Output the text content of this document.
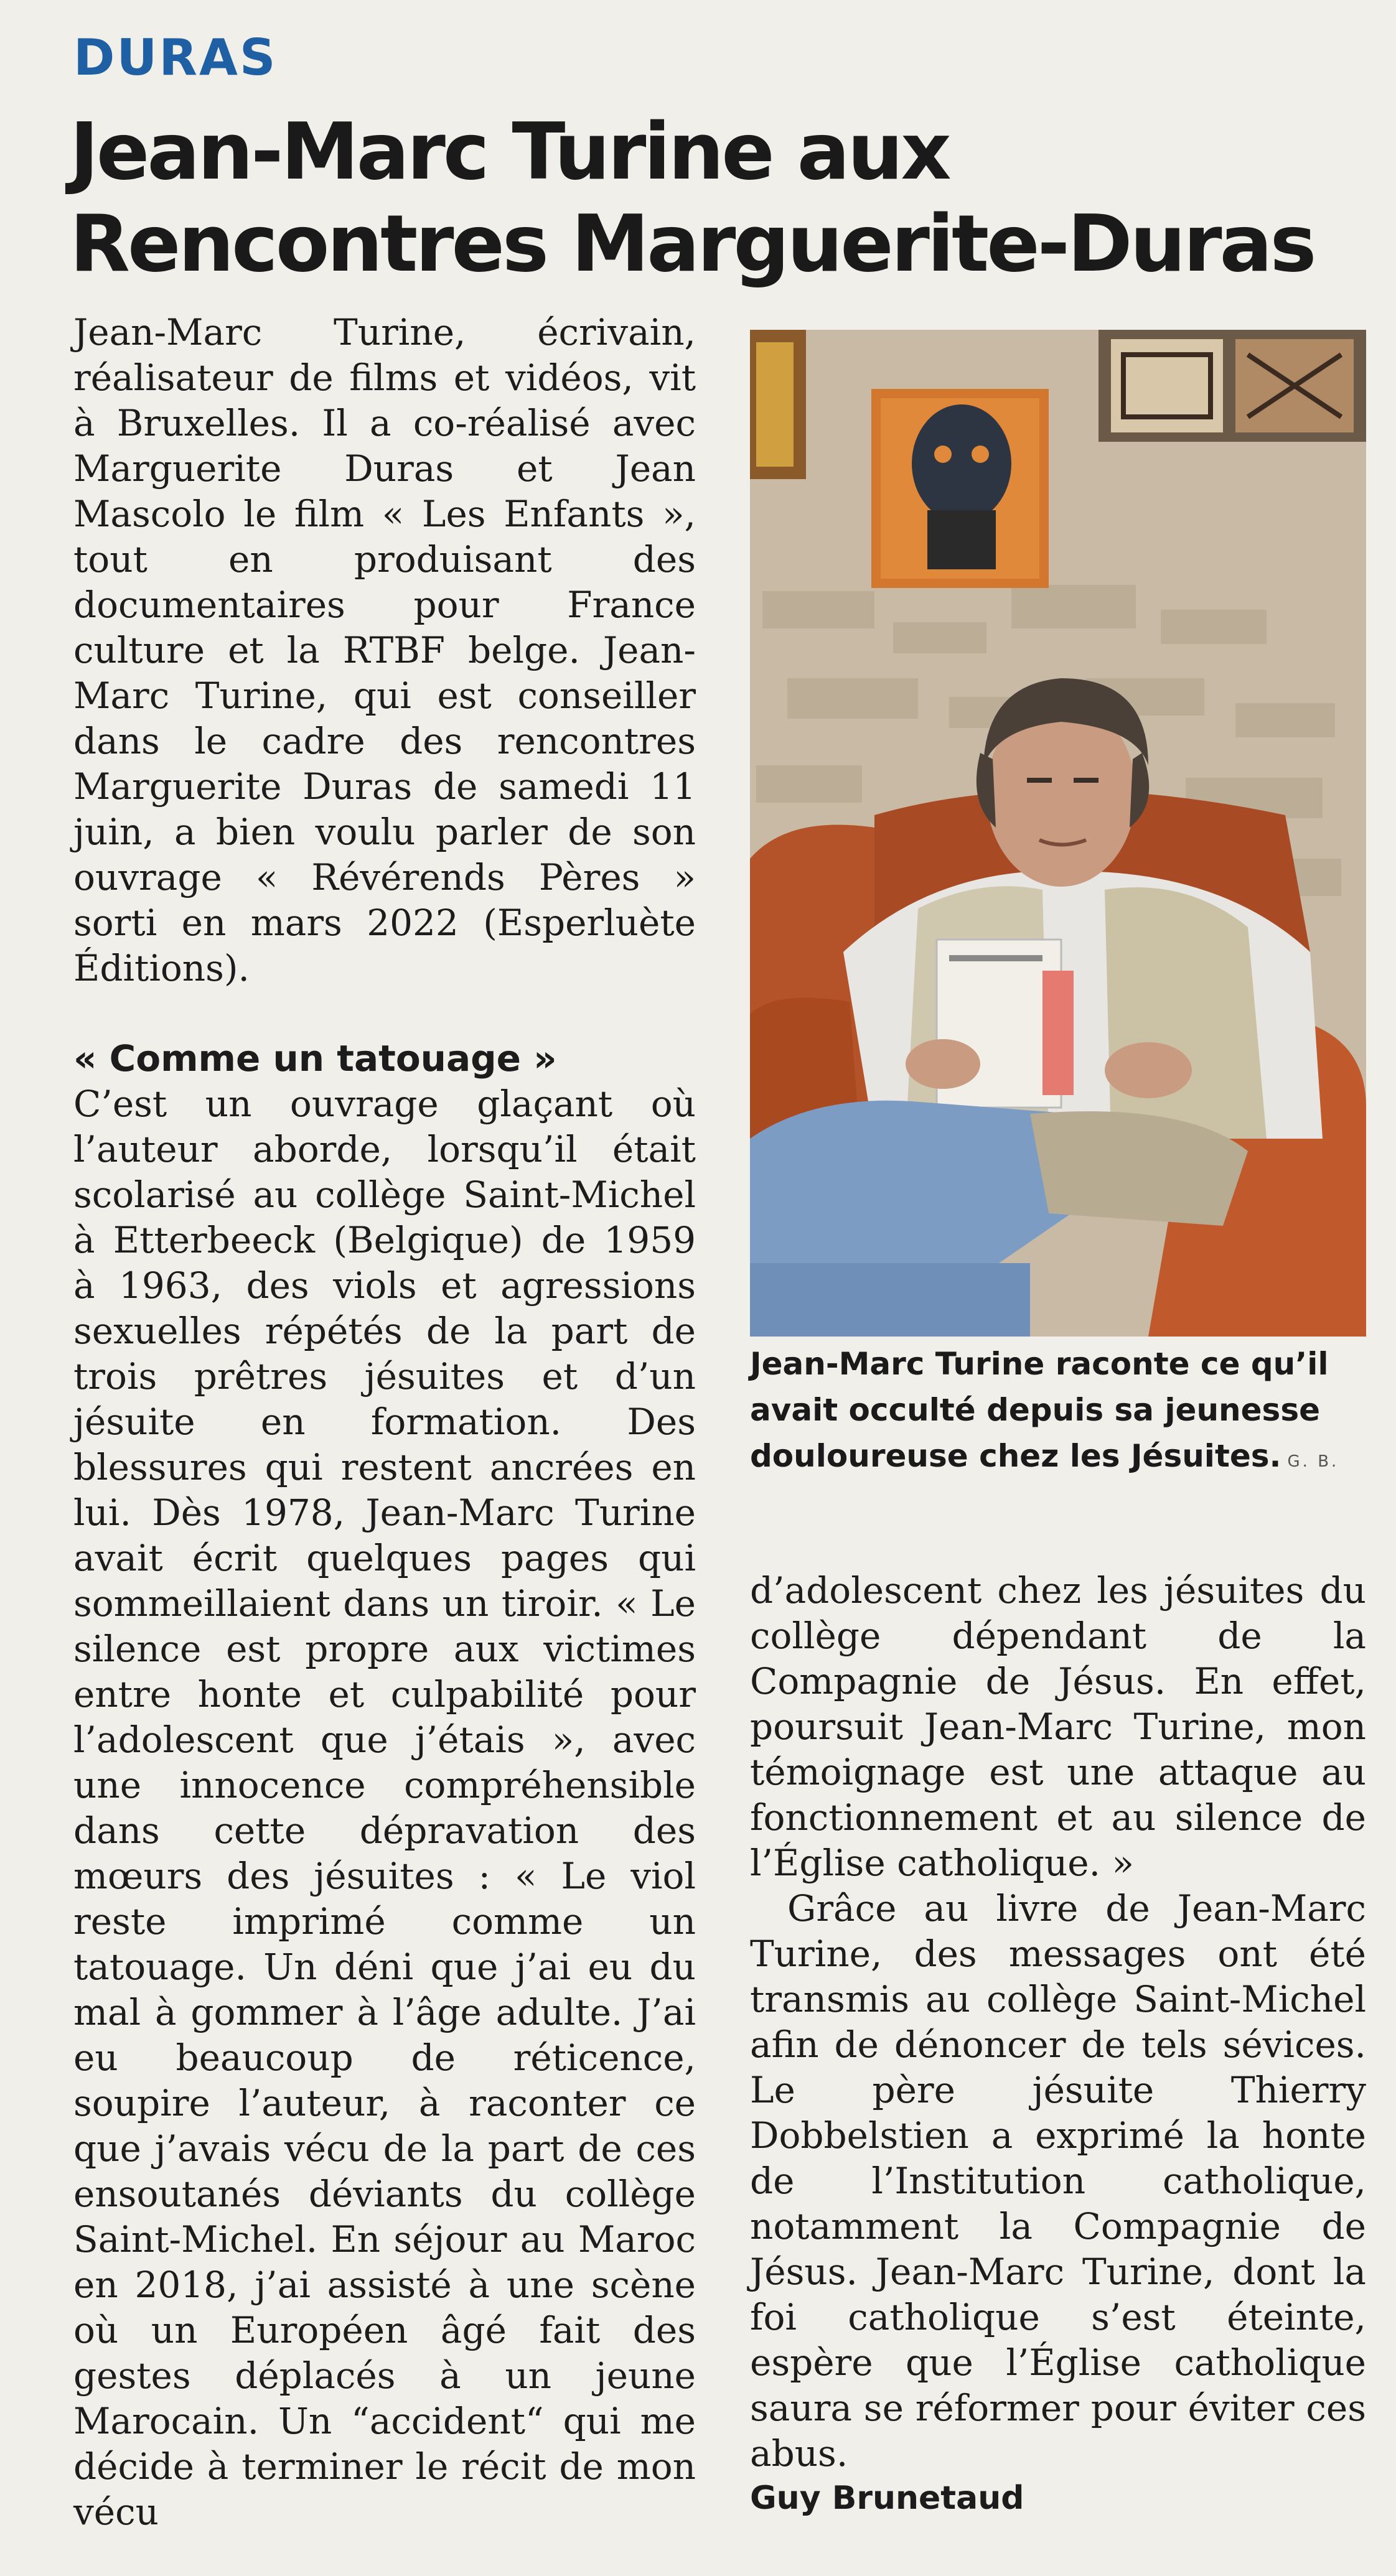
DURAS
Jean-Marc Turine aux
Rencontres Marguerite-Duras

Jean-Marc Turine, écrivain, réalisateur de films et vidéos, vit à Bruxelles. Il a co-réalisé avec Marguerite Duras et Jean Mascolo le film « Les Enfants », tout en produisant des documentaires pour France culture et la RTBF belge. Jean-Marc Turine, qui est conseiller dans le cadre des rencontres Marguerite Duras de samedi 11 juin, a bien voulu parler de son ouvrage « Révérends Pères » sorti en mars 2022 (Esperluète Éditions).

« Comme un tatouage »

C’est un ouvrage glaçant où l’auteur aborde, lorsqu’il était scolarisé au collège Saint-Michel à Etterbeeck (Belgique) de 1959 à 1963, des viols et agressions sexuelles répétés de la part de trois prêtres jésuites et d’un jésuite en formation. Des blessures qui restent ancrées en lui. Dès 1978, Jean-Marc Turine avait écrit quelques pages qui sommeillaient dans un tiroir. « Le silence est propre aux victimes entre honte et culpabilité pour l’adolescent que j’étais », avec une innocence compréhensible dans cette dépravation des mœurs des jésuites : « Le viol reste imprimé comme un tatouage. Un déni que j’ai eu du mal à gommer à l’âge adulte. J’ai eu beaucoup de réticence, soupire l’auteur, à raconter ce que j’avais vécu de la part de ces ensoutanés déviants du collège Saint-Michel. En séjour au Maroc en 2018, j’ai assisté à une scène où un Européen âgé fait des gestes déplacés à un jeune Marocain. Un “accident“ qui me décide à terminer le récit de mon vécu

Jean-Marc Turine raconte ce qu’il avait occulté depuis sa jeunesse douloureuse chez les Jésuites. G. B.

d’adolescent chez les jésuites du collège dépendant de la Compagnie de Jésus. En effet, poursuit Jean-Marc Turine, mon témoignage est une attaque au fonctionnement et au silence de l’Église catholique. »

Grâce au livre de Jean-Marc Turine, des messages ont été transmis au collège Saint-Michel afin de dénoncer de tels sévices. Le père jésuite Thierry Dobbelstien a exprimé la honte de l’Institution catholique, notamment la Compagnie de Jésus. Jean-Marc Turine, dont la foi catholique s’est éteinte, espère que l’Église catholique saura se réformer pour éviter ces abus.

Guy Brunetaud
